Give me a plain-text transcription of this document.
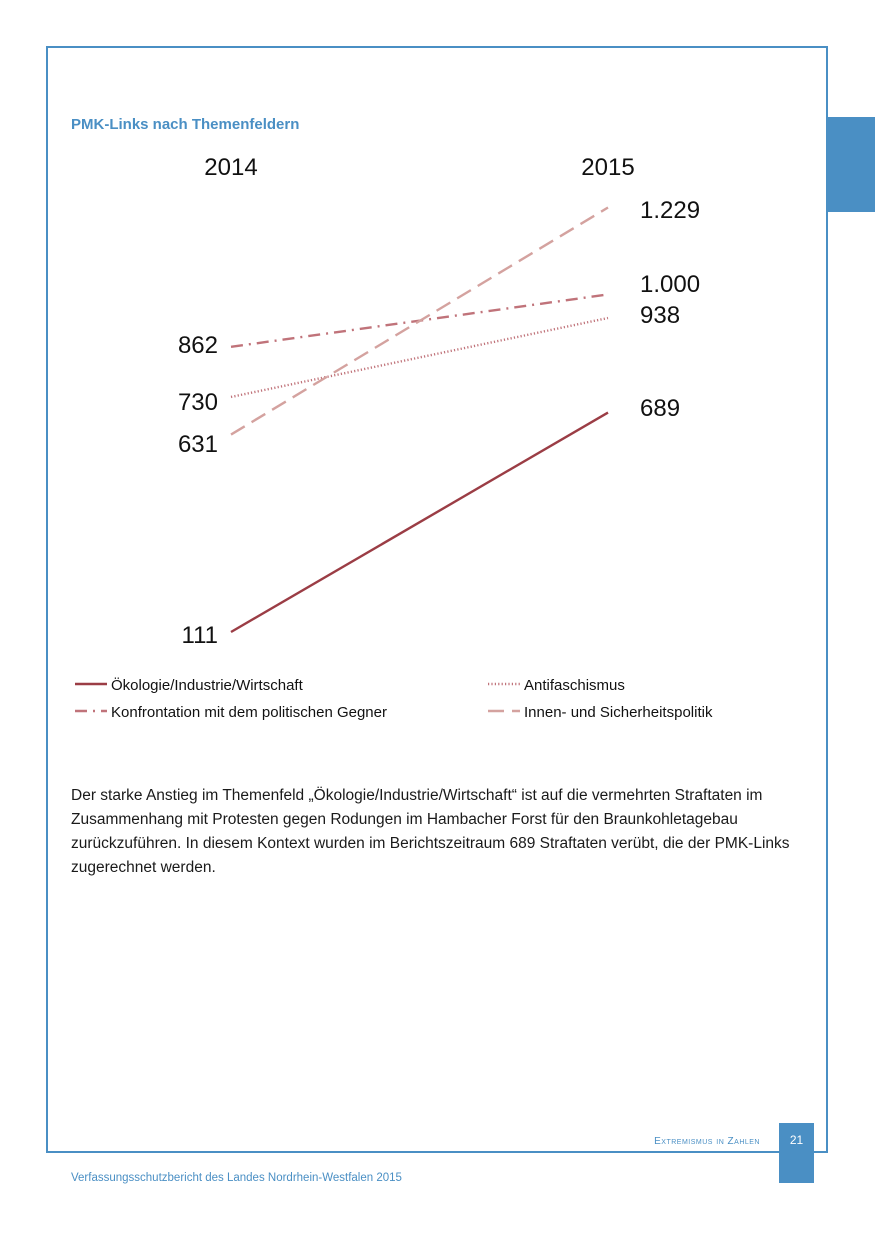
PMK-Links nach Themenfeldern
2014	2015
111
689
730
938
862
1.000
631
1.229
Ökologie/Industrie/Wirtschaft	Antifaschismus
Konfrontation mit dem politischen Gegner	Innen- und Sicherheitspolitik
Der starke Anstieg im Themenfeld „Ökologie/Industrie/Wirtschaft“ ist auf die vermehrten Straftaten im Zusammenhang mit Protesten gegen Rodungen im Hambacher Forst für den Braunkohletagebau zurückzuführen. In diesem Kontext wurden im Berichtszeitraum 689 Straftaten verübt, die der PMK-Links zugerechnet werden.
Extremismus in Zahlen	21
Verfassungsschutzbericht des Landes Nordrhein-Westfalen 2015
